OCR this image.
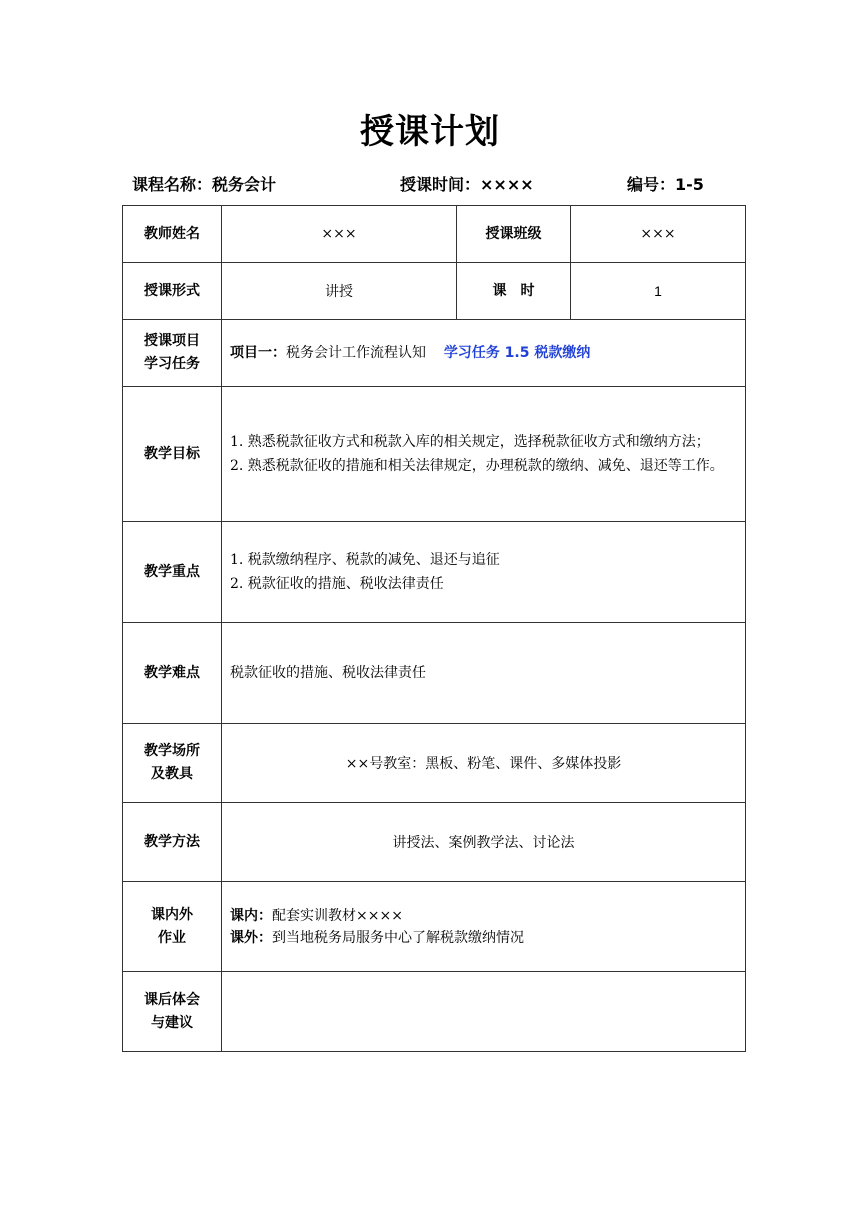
授课计划
课程名称：税务会计	授课时间：××××	编号：1-5
教师姓名	×××	授课班级	×××
授课形式	讲授	课　时	1

授课项目
学习任务	项目一：税务会计工作流程认知 学习任务 1.5 税款缴纳		
教学目标	1. 熟悉税款征收方式和税款入库的相关规定，选择税款征收方式和缴纳方法；
2. 熟悉税款征收的措施和相关法律规定，办理税款的缴纳、减免、退还等工作。		

教学重点	1. 税款缴纳程序、税款的减免、退还与追征
2. 税款征收的措施、税收法律责任		

教学难点	税款征收的措施、税收法律责任		

教学场所
及教具	××号教室：黑板、粉笔、课件、多媒体投影		
教学方法	讲授法、案例教学法、讨论法		

课内外
作业	课内：配套实训教材××××
课外：到当地税务局服务中心了解税款缴纳情况		

课后体会
与建议			
